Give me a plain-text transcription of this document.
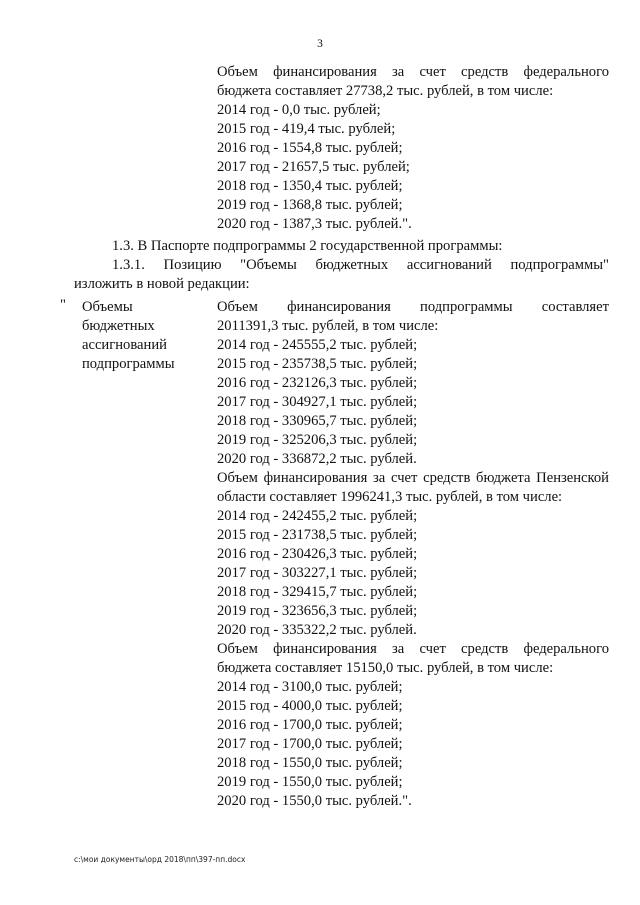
3
Объем финансирования за счет средств федерального
бюджета составляет 27738,2 тыс. рублей, в том числе:
2014 год - 0,0 тыс. рублей;
2015 год - 419,4 тыс. рублей;
2016 год - 1554,8 тыс. рублей;
2017 год - 21657,5 тыс. рублей;
2018 год - 1350,4 тыс. рублей;
2019 год - 1368,8 тыс. рублей;
2020 год - 1387,3 тыс. рублей.".
1.3. В Паспорте подпрограммы 2 государственной программы:
1.3.1. Позицию "Объемы бюджетных ассигнований подпрограммы"
изложить в новой редакции:
" Объемы
бюджетных
ассигнований
подпрограммы
Объем финансирования подпрограммы составляет
2011391,3 тыс. рублей, в том числе:
2014 год - 245555,2 тыс. рублей;
2015 год - 235738,5 тыс. рублей;
2016 год - 232126,3 тыс. рублей;
2017 год - 304927,1 тыс. рублей;
2018 год - 330965,7 тыс. рублей;
2019 год - 325206,3 тыс. рублей;
2020 год - 336872,2 тыс. рублей.
Объем финансирования за счет средств бюджета Пензенской
области составляет 1996241,3 тыс. рублей, в том числе:
2014 год - 242455,2 тыс. рублей;
2015 год - 231738,5 тыс. рублей;
2016 год - 230426,3 тыс. рублей;
2017 год - 303227,1 тыс. рублей;
2018 год - 329415,7 тыс. рублей;
2019 год - 323656,3 тыс. рублей;
2020 год - 335322,2 тыс. рублей.
Объем финансирования за счет средств федерального
бюджета составляет 15150,0 тыс. рублей, в том числе:
2014 год - 3100,0 тыс. рублей;
2015 год - 4000,0 тыс. рублей;
2016 год - 1700,0 тыс. рублей;
2017 год - 1700,0 тыс. рублей;
2018 год - 1550,0 тыс. рублей;
2019 год - 1550,0 тыс. рублей;
2020 год - 1550,0 тыс. рублей.".
c:\мои документы\орд 2018\пп\397-пп.docx
